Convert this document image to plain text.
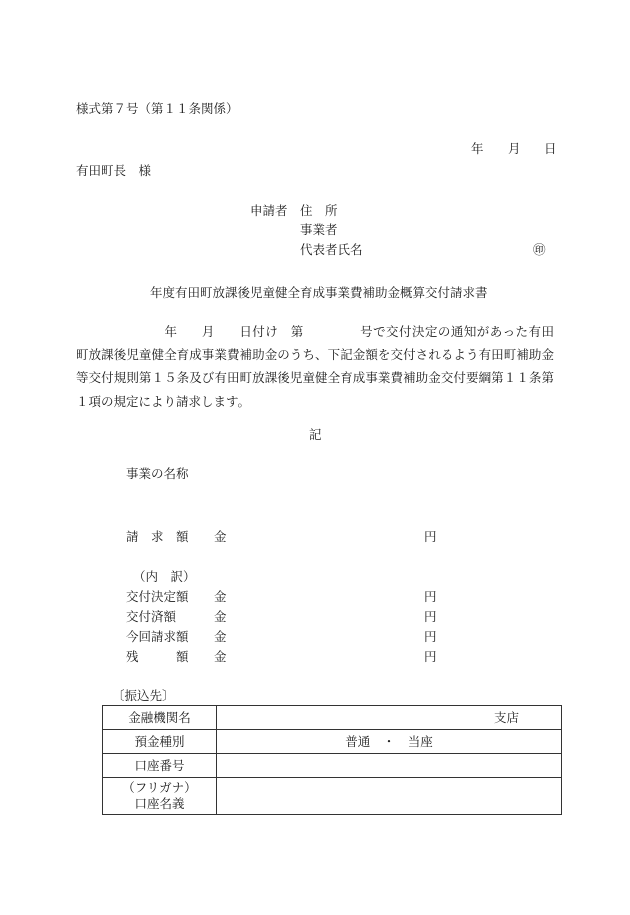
様式第７号（第１１条関係）
年 月 日
有田町長　様
申請者 住　所
事業者
代表者氏名	㊞
年度有田町放課後児童健全育成事業費補助金概算交付請求書
年 月 日付け 第	号で交付決定の通知があった有田町放課後児童健全育成事業費補助金のうち、下記金額を交付されるよう有田町補助金等交付規則第１５条及び有田町放課後児童健全育成事業費補助金交付要綱第１１条第１項の規定により請求します。
記
事業の名称
請　求　額 金	円
（内　訳）
交付決定額 金	円
交付済額	金	円
今回請求額 金	円
残　　　額 金	円
〔振込先〕
金融機関名	支店

預金種別	普通　・　当座
口座番号	

（フリガナ）
口座名義	
